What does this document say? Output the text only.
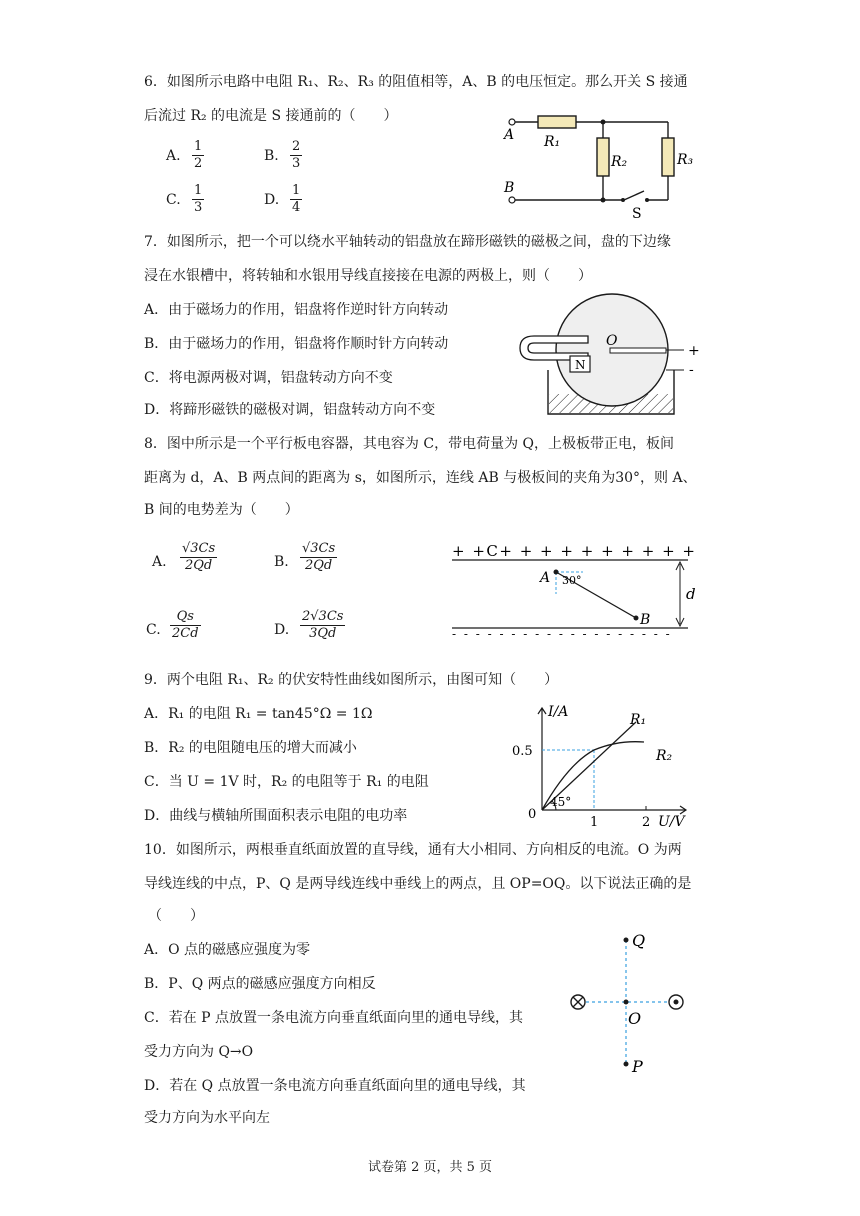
6．如图所示电路中电阻 R₁、R₂、R₃ 的阻值相等，A、B 的电压恒定。那么开关 S 接通
后流过 R₂ 的电流是 S 接通前的（　　）
A.
1
2	B.
2
3
C.
1
3	D.
1
4
A
B
R₁
R₂	R₃
S
7．如图所示，把一个可以绕水平轴转动的铝盘放在蹄形磁铁的磁极之间，盘的下边缘
浸在水银槽中，将转轴和水银用导线直接接在电源的两极上，则（　　）
A．由于磁场力的作用，铝盘将作逆时针方向转动
B．由于磁场力的作用，铝盘将作顺时针方向转动
C．将电源两极对调，铝盘转动方向不变
D．将蹄形磁铁的磁极对调，铝盘转动方向不变
N
O
+
-
8．图中所示是一个平行板电容器，其电容为 C，带电荷量为 Q，上极板带正电，板间
距离为 d，A、B 两点间的距离为 s，如图所示，连线 AB 与极板间的夹角为30°，则 A、
B 间的电势差为（　　）
A.
√3Cs
2Qd	B.
√3Cs
2Qd
C.
Qs
2Cd	D.
2√3Cs
3Qd
+ +C+ + + + + + + + + +
- - - - - - - - - - - - - - - - - - -
d
A
B
30°
9．两个电阻 R₁、R₂ 的伏安特性曲线如图所示，由图可知（　　）
A．R₁ 的电阻 R₁ = tan45°Ω = 1Ω
B．R₂ 的电阻随电压的增大而减小
C．当 U = 1V 时，R₂ 的电阻等于 R₁ 的电阻
D．曲线与横轴所围面积表示电阻的电功率
I/A
U/V
0.5
1	2
0
45°
R₁
R₂
10．如图所示，两根垂直纸面放置的直导线，通有大小相同、方向相反的电流。O 为两
导线连线的中点，P、Q 是两导线连线中垂线上的两点，且 OP=OQ。以下说法正确的是
（　　）
A．O 点的磁感应强度为零
B．P、Q 两点的磁感应强度方向相反
C．若在 P 点放置一条电流方向垂直纸面向里的通电导线，其
受力方向为 Q→O
D．若在 Q 点放置一条电流方向垂直纸面向里的通电导线，其
受力方向为水平向左
Q
O
P
试卷第 2 页，共 5 页
